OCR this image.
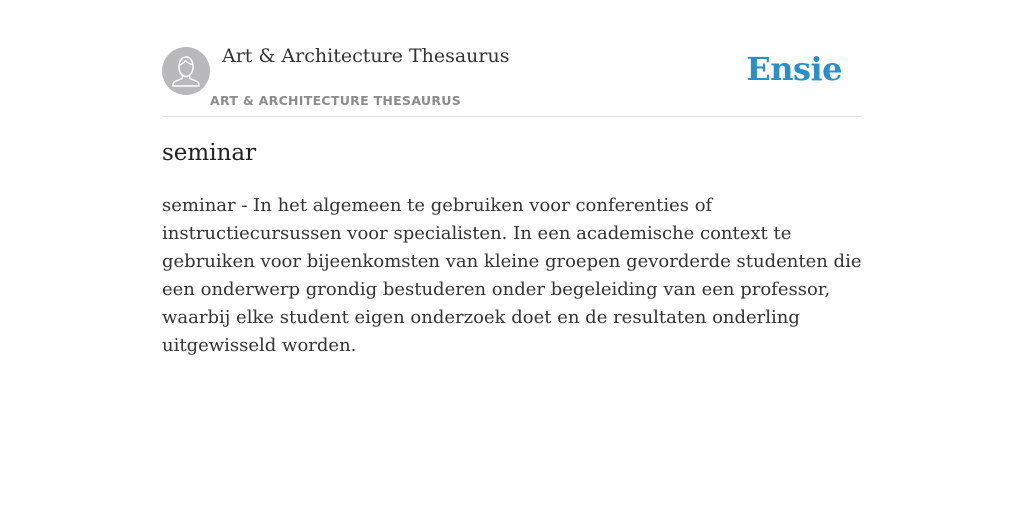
Art & Architecture Thesaurus
ART & ARCHITECTURE THESAURUS
Ensie
seminar

seminar - In het algemeen te gebruiken voor conferenties of instructiecursussen voor specialisten. In een academische context te gebruiken voor bijeenkomsten van kleine groepen gevorderde studenten die een onderwerp grondig bestuderen onder begeleiding van een professor, waarbij elke student eigen onderzoek doet en de resultaten onderling uitgewisseld worden.
